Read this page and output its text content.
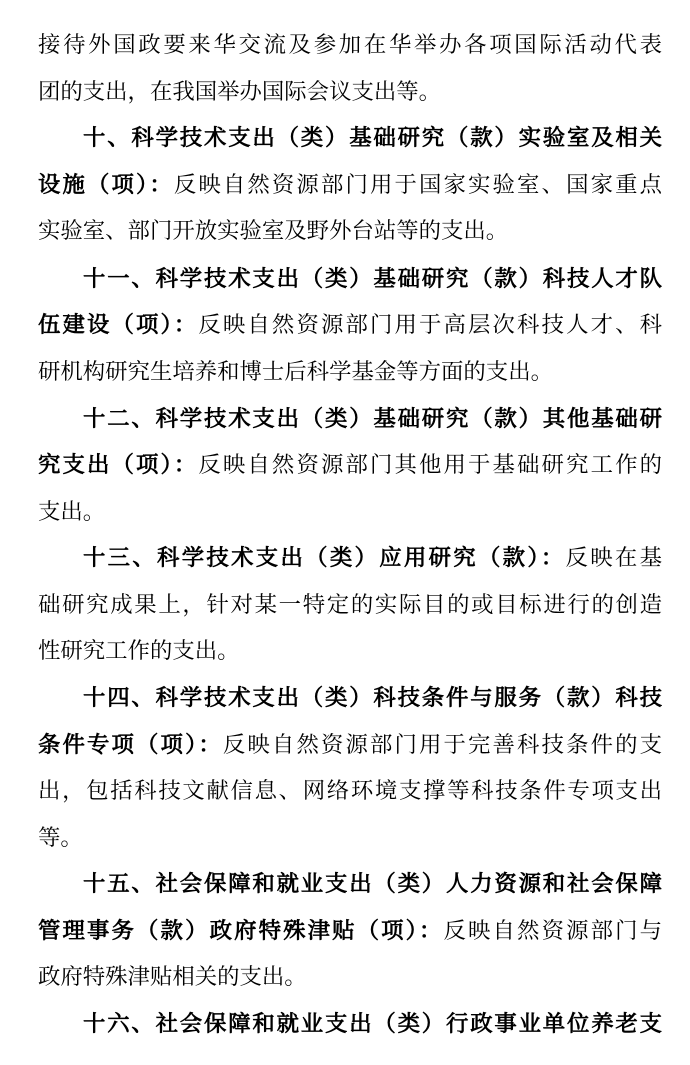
接待外国政要来华交流及参加在华举办各项国际活动代表
团的支出，在我国举办国际会议支出等。
十、科学技术支出（类）基础研究（款）实验室及相关
设施（项）：反映自然资源部门用于国家实验室、国家重点
实验室、部门开放实验室及野外台站等的支出。
十一、科学技术支出（类）基础研究（款）科技人才队
伍建设（项）：反映自然资源部门用于高层次科技人才、科
研机构研究生培养和博士后科学基金等方面的支出。
十二、科学技术支出（类）基础研究（款）其他基础研
究支出（项）：反映自然资源部门其他用于基础研究工作的
支出。
十三、科学技术支出（类）应用研究（款）：反映在基
础研究成果上，针对某一特定的实际目的或目标进行的创造
性研究工作的支出。
十四、科学技术支出（类）科技条件与服务（款）科技
条件专项（项）：反映自然资源部门用于完善科技条件的支
出，包括科技文献信息、网络环境支撑等科技条件专项支出
等。
十五、社会保障和就业支出（类）人力资源和社会保障
管理事务（款）政府特殊津贴（项）：反映自然资源部门与
政府特殊津贴相关的支出。
十六、社会保障和就业支出（类）行政事业单位养老支
